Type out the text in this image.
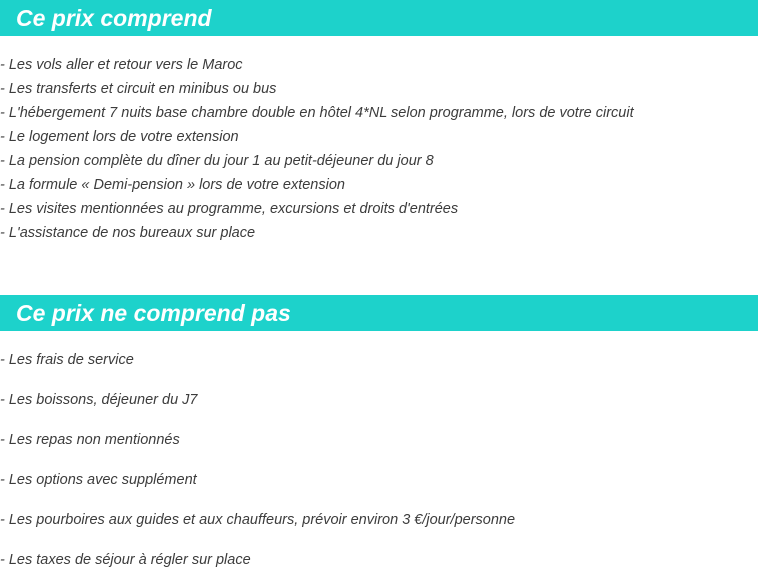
Ce prix comprend
- Les vols aller et retour vers le Maroc
- Les transferts et circuit en minibus ou bus
- L'hébergement 7 nuits base chambre double en hôtel 4*NL selon programme, lors de votre circuit
- Le logement lors de votre extension
- La pension complète du dîner du jour 1 au petit-déjeuner du jour 8
- La formule « Demi-pension » lors de votre extension
- Les visites mentionnées au programme, excursions et droits d'entrées
- L'assistance de nos bureaux sur place
Ce prix ne comprend pas
- Les frais de service
- Les boissons, déjeuner du J7
- Les repas non mentionnés
- Les options avec supplément
- Les pourboires aux guides et aux chauffeurs, prévoir environ 3 €/jour/personne
- Les taxes de séjour à régler sur place
